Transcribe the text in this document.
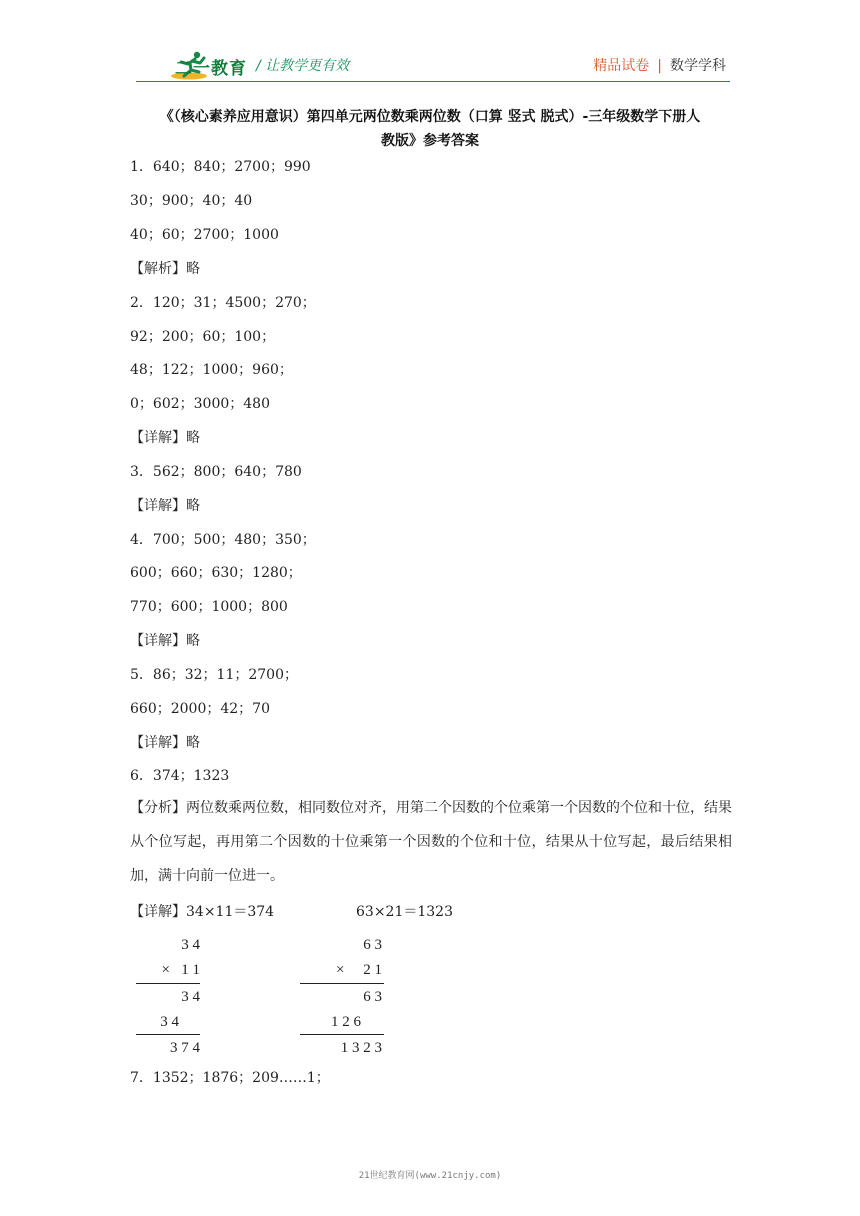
二一教育 / 让教学更有效	精品试卷 | 数学学科
《（核心素养应用意识）第四单元两位数乘两位数（口算 竖式 脱式）-三年级数学下册人
教版》参考答案
1．640；840；2700；990
30；900；40；40
40；60；2700；1000
【解析】略
2．120；31；4500；270；
92；200；60；100；
48；122；1000；960；
0；602；3000；480
【详解】略
3．562；800；640；780
【详解】略
4．700；500；480；350；
600；660；630；1280；
770；600；1000；800
【详解】略
5．86；32；11；2700；
660；2000；42；70
【详解】略
6．374；1323
【分析】两位数乘两位数，相同数位对齐，用第二个因数的个位乘第一个因数的个位和十位，结果从个位写起，再用第二个因数的十位乘第一个因数的个位和十位，结果从十位写起，最后结果相加，满十向前一位进一。
【详解】34×11＝374	63×21＝1323
3 4
×   1 1
3 4
3 4
3 7 4
6 3
×     2 1
6 3
1 2 6
1 3 2 3
7．1352；1876；209……1；
21世纪教育网(www.21cnjy.com)
